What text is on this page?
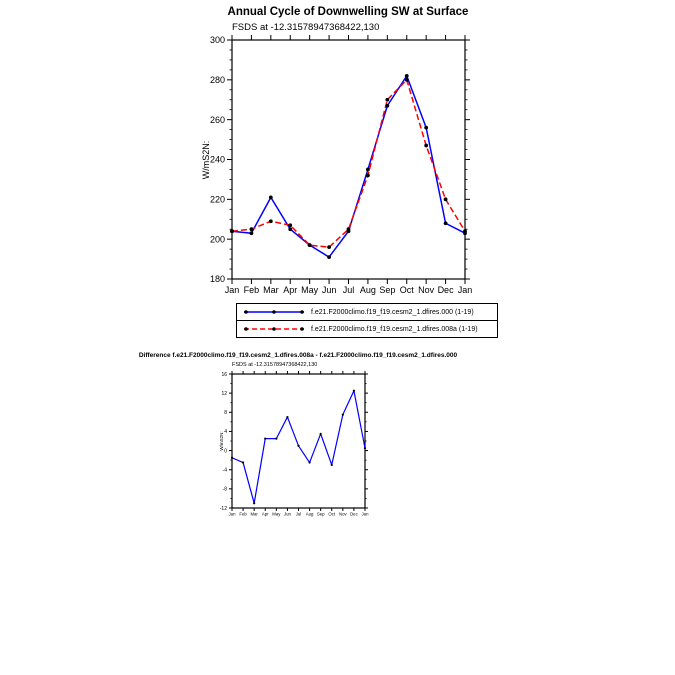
Annual Cycle of Downwelling SW at Surface
FSDS at -12.31578947368422,130
W/mS2N:
Difference f.e21.F2000climo.f19_f19.cesm2_1.dfires.008a - f.e21.F2000climo.f19_f19.cesm2_1.dfires.000
FSDS at -12.31578947368422,130
W/mS2N:
180
200
220
240
260
280
300
Jan Feb Mar Apr May Jun Jul Aug Sep Oct Nov Dec Jan
-12
-8
-4
0
4
8
12
16
Jan Feb Mar Apr May Jun Jul Aug Sep Oct Nov Dec Jan
f.e21.F2000climo.f19_f19.cesm2_1.dfires.000 (1-19)
f.e21.F2000climo.f19_f19.cesm2_1.dfires.008a (1-19)
